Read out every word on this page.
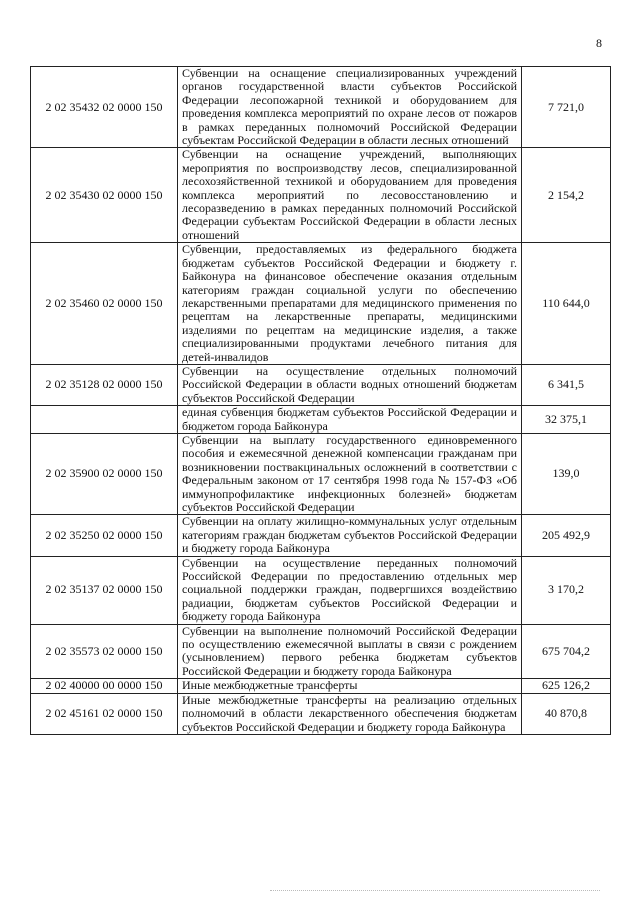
8
2 02 35432 02 0000 150	Субвенции на оснащение специализированных учреждений органов государственной власти субъектов Российской Федерации лесопожарной техникой и оборудованием для проведения комплекса мероприятий по охране лесов от пожаров в рамках переданных полномочий Российской Федерации субъектам Российской Федерации в области лесных отношений	7 721,0
2 02 35430 02 0000 150	Субвенции на оснащение учреждений, выполняющих мероприятия по воспроизводству лесов, специализированной лесохозяйственной техникой и оборудованием для проведения комплекса мероприятий по лесовосстановлению и лесоразведению в рамках переданных полномочий Российской Федерации субъектам Российской Федерации в области лесных отношений	2 154,2
2 02 35460 02 0000 150	Субвенции, предоставляемых из федерального бюджета бюджетам субъектов Российской Федерации и бюджету г. Байконура на финансовое обеспечение оказания отдельным категориям граждан социальной услуги по обеспечению лекарственными препаратами для медицинского применения по рецептам на лекарственные препараты, медицинскими изделиями по рецептам на медицинские изделия, а также специализированными продуктами лечебного питания для детей-инвалидов	110 644,0
2 02 35128 02 0000 150	Субвенции на осуществление отдельных полномочий Российской Федерации в области водных отношений бюджетам субъектов Российской Федерации	6 341,5
	единая субвенция бюджетам субъектов Российской Федерации и бюджетом города Байконура	32 375,1
2 02 35900 02 0000 150	Субвенции на выплату государственного единовременного пособия и ежемесячной денежной компенсации гражданам при возникновении поствакцинальных осложнений в соответствии с Федеральным законом от 17 сентября 1998 года № 157-ФЗ «Об иммунопрофилактике инфекционных болезней» бюджетам субъектов Российской Федерации	139,0
2 02 35250 02 0000 150	Субвенции на оплату жилищно-коммунальных услуг отдельным категориям граждан бюджетам субъектов Российской Федерации и бюджету города Байконура	205 492,9
2 02 35137 02 0000 150	Субвенции на осуществление переданных полномочий Российской Федерации по предоставлению отдельных мер социальной поддержки граждан, подвергшихся воздействию радиации, бюджетам субъектов Российской Федерации и бюджету города Байконура	3 170,2
2 02 35573 02 0000 150	Субвенции на выполнение полномочий Российской Федерации по осуществлению ежемесячной выплаты в связи с рождением (усыновлением) первого ребенка бюджетам субъектов Российской Федерации и бюджету города Байконура	675 704,2
2 02 40000 00 0000 150	Иные межбюджетные трансферты	625 126,2
2 02 45161 02 0000 150	Иные межбюджетные трансферты на реализацию отдельных полномочий в области лекарственного обеспечения бюджетам субъектов Российской Федерации и бюджету города Байконура	40 870,8
